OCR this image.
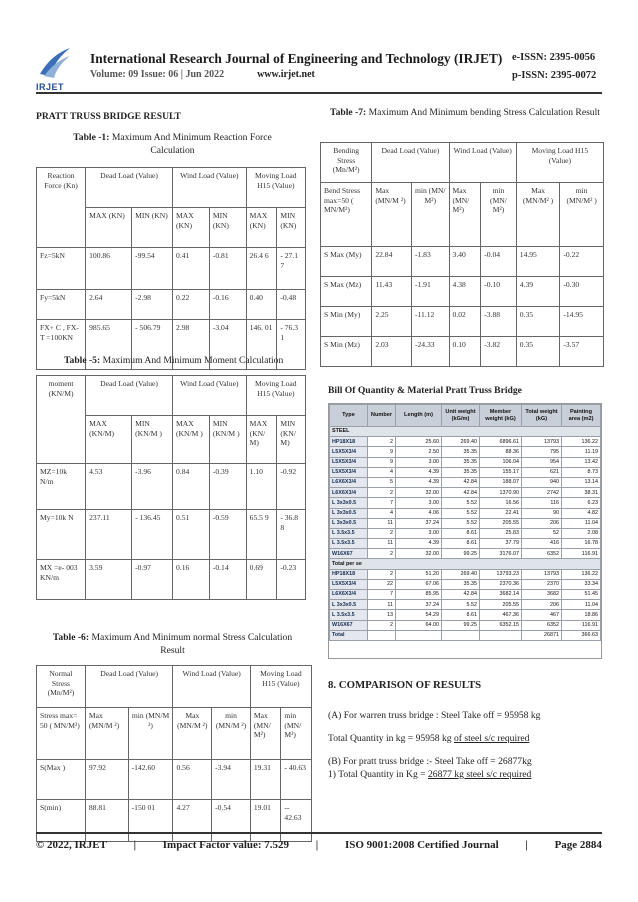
IRJET
International Research Journal of Engineering and Technology (IRJET)
Volume: 09 Issue: 06 | Jun 2022	www.irjet.net
e-ISSN: 2395-0056
p-ISSN: 2395-0072
PRATT TRUSS BRIDGE RESULT
Table -1: Maximum And Minimum Reaction Force Calculation
Reaction Force (Kn)	Dead Load (Value)		Wind Load (Value)		Moving Load H15 (Value)	
	MAX (KN)	MIN (KN)	MAX (KN)	MIN (KN)	MAX (KN)	MIN (KN)
Fz=5kN	100.86	-99.54	0.41	-0.81	26.4 6	- 27.1 7
Fy=5kN	2.64	-2.98	0.22	-0.16	0.40	-0.48
FX+ C , FX- T =100KN	985.65	- 506.79	2.98	-3.04	146. 01	- 76.3 1
Table -5: Maximum And Minimum Moment Calculation
moment (KN/M)	Dead Load (Value)		Wind Load (Value)		Moving Load H15 (Value)	
	MAX (KN/M)	MIN (KN/M )	MAX (KN/M )	MIN (KN/M )	MAX (KN/ M)	MIN (KN/ M)
MZ=10k N/m	4.53	-3.96	0.84	-0.39	1.10	-0.92
My=10k N	237.11	- 136.45	0.51	-0.59	65.5 9	- 36.8 8
MX =e- 003 KN/m	3.59	-0.97	0.16	-0.14	0.69	-0.23
Table -6: Maximum And Minimum normal Stress Calculation Result
Normal Stress (Mn/M²)	Dead Load (Value)		Wind Load (Value)		Moving Load H15 (Value)	
Stress max= 50 ( MN/M²)	Max (MN/M ²)	min (MN/M ²)	Max (MN/M ²)	min (MN/M ²)	Max (MN/ M²)	min (MN/ M²)
S(Max )	97.92	-142.60	0.56	-3.94	19.31	- 40.63
S(min)	88.81	-150 01	4.27	-0.54	19.01	-- 42.63
Table -7: Maximum And Minimum bending Stress Calculation Result
Bending Stress (Mn/M²)	Dead Load (Value)		Wind Load (Value)		Moving Load H15 (Value)	
Bend Stress max=50 ( MN/M²)	Max (MN/M ²)	min (MN/ M²)	Max (MN/ M²)	min (MN/ M²)	Max (MN/M² )	min (MN/M² )
S Max (My)	22.84	-1.83	3.40	-0.04	14.95	-0.22
S Max (Mz)	11.43	-1.91	4.38	-0.10	4.39	-0.30
S Min (My)	2.25	-11.12	0.02	-3.88	0.35	-14.95
S Min (Mz)	2.03	-24.33	0.10	-3.82	0.35	-3.57
Bill Of Quantity & Material Pratt Truss Bridge
Type	Number	Length (m)	Unit weight (kG/m)	Member weight (kG)	Total weight (kG)	Painting area (m2)
STEEL						
HP18X18	2	25.60	269.40	6896.61	13793	136.22
L5X5X3/4	9	2.50	35.35	88.36	795	11.19
L5X5X3/4	9	3.00	35.35	106.04	954	13.42
L5X5X3/4	4	4.39	35.35	155.17	621	8.73
L6X6X3/4	5	4.39	42.84	188.07	940	13.14
L6X6X3/4	2	32.00	42.84	1370.90	2742	38.31
L 3x3x0.5	7	3.00	5.52	16.56	116	6.23
L 3x3x0.5	4	4.06	5.52	22.41	90	4.82
L 3x3x0.5	11	37.24	5.52	205.55	206	11.04
L 3.5x3.5	2	3.00	8.61	25.83	52	2.08
L 3.5x3.5	11	4.39	8.61	37.79	416	16.78
W16X67	2	32.00	99.25	3176.07	6352	116.91
Total per se						
HP18X18	2	51.20	269.40	13793.23	13793	136.22
L5X5X3/4	22	67.06	35.35	2370.36	2370	33.34
L6X6X3/4	7	85.95	42.84	3682.14	3682	51.45
L 3x3x0.5	11	37.24	5.52	205.55	206	11.04
L 3.5x3.5	13	54.29	8.61	467.36	467	18.86
W16X67	2	64.00	99.25	6352.15	6352	116.91
Total					26871	366.63
8. COMPARISON OF RESULTS
(A) For warren truss bridge : Steel Take off = 95958 kg
Total Quantity in kg = 95958 kg of steel s/c required
(B) For pratt truss bridge :- Steel Take off = 26877kg
1) Total Quantity in Kg = 26877 kg steel s/c required
© 2022, IRJET | Impact Factor value: 7.529 | ISO 9001:2008 Certified Journal | Page 2884
